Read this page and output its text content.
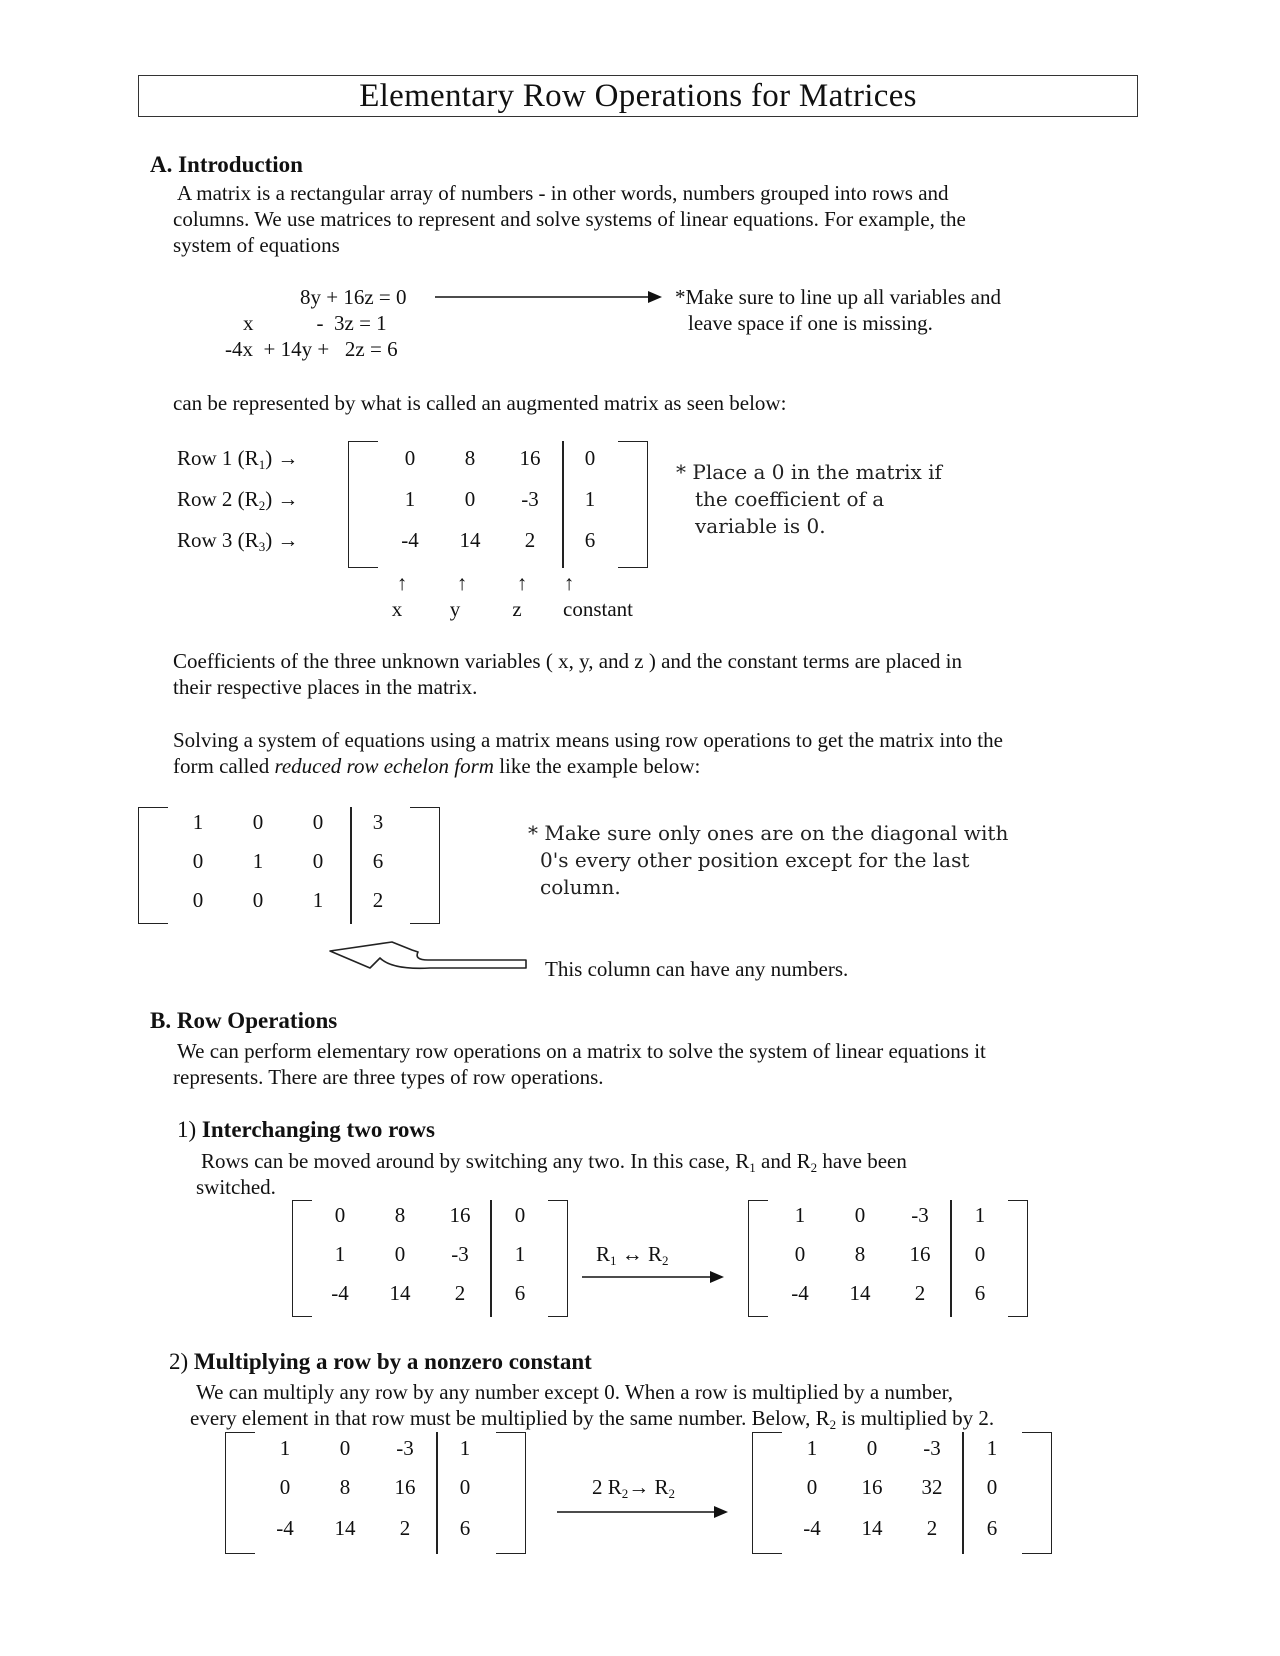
Elementary Row Operations for Matrices
A. Introduction
A matrix is a rectangular array of numbers - in other words, numbers grouped into rows and
columns. We use matrices to represent and solve systems of linear equations. For example, the
system of equations
8y + 16z = 0
x            -  3z = 1
-4x  + 14y +   2z = 6
*Make sure to line up all variables and
leave space if one is missing.
can be represented by what is called an augmented matrix as seen below:
Row 1 $(R_1)$ →
Row 2 $(R_2)$ →
Row 3 $(R_3)$ →
0	8	16	0
1	0	-3	1
-4	14	2	6
↑	↑	↑	↑
x	y	z	constant
* Place a 0 in the matrix if
the coefficient of a
variable is 0.
Coefficients of the three unknown variables ( x, y, and z ) and the constant terms are placed in
their respective places in the matrix.
Solving a system of equations using a matrix means using row operations to get the matrix into the
form called reduced row echelon form like the example below:
1	0	0	3
0	1	0	6
0	0	1	2
* Make sure only ones are on the diagonal with
0's every other position except for the last
column.
This column can have any numbers.
B. Row Operations
We can perform elementary row operations on a matrix to solve the system of linear equations it
represents. There are three types of row operations.
1) Interchanging two rows
Rows can be moved around by switching any two. In this case, $R_1$ and $R_2$ have been
switched.
0	8	16	0
1	0	-3	1
-4	14	2	6
$R_1$ ↔ $R_2$
1	0	-3	1
0	8	16	0
-4	14	2	6
2) Multiplying a row by a nonzero constant
We can multiply any row by any number except 0. When a row is multiplied by a number,
every element in that row must be multiplied by the same number. Below, $R_2$ is multiplied by 2.
1	0	-3	1
0	8	16	0
-4	14	2	6
2 $R_2\to R_2$
1	0	-3	1
0	16	32	0
-4	14	2	6
